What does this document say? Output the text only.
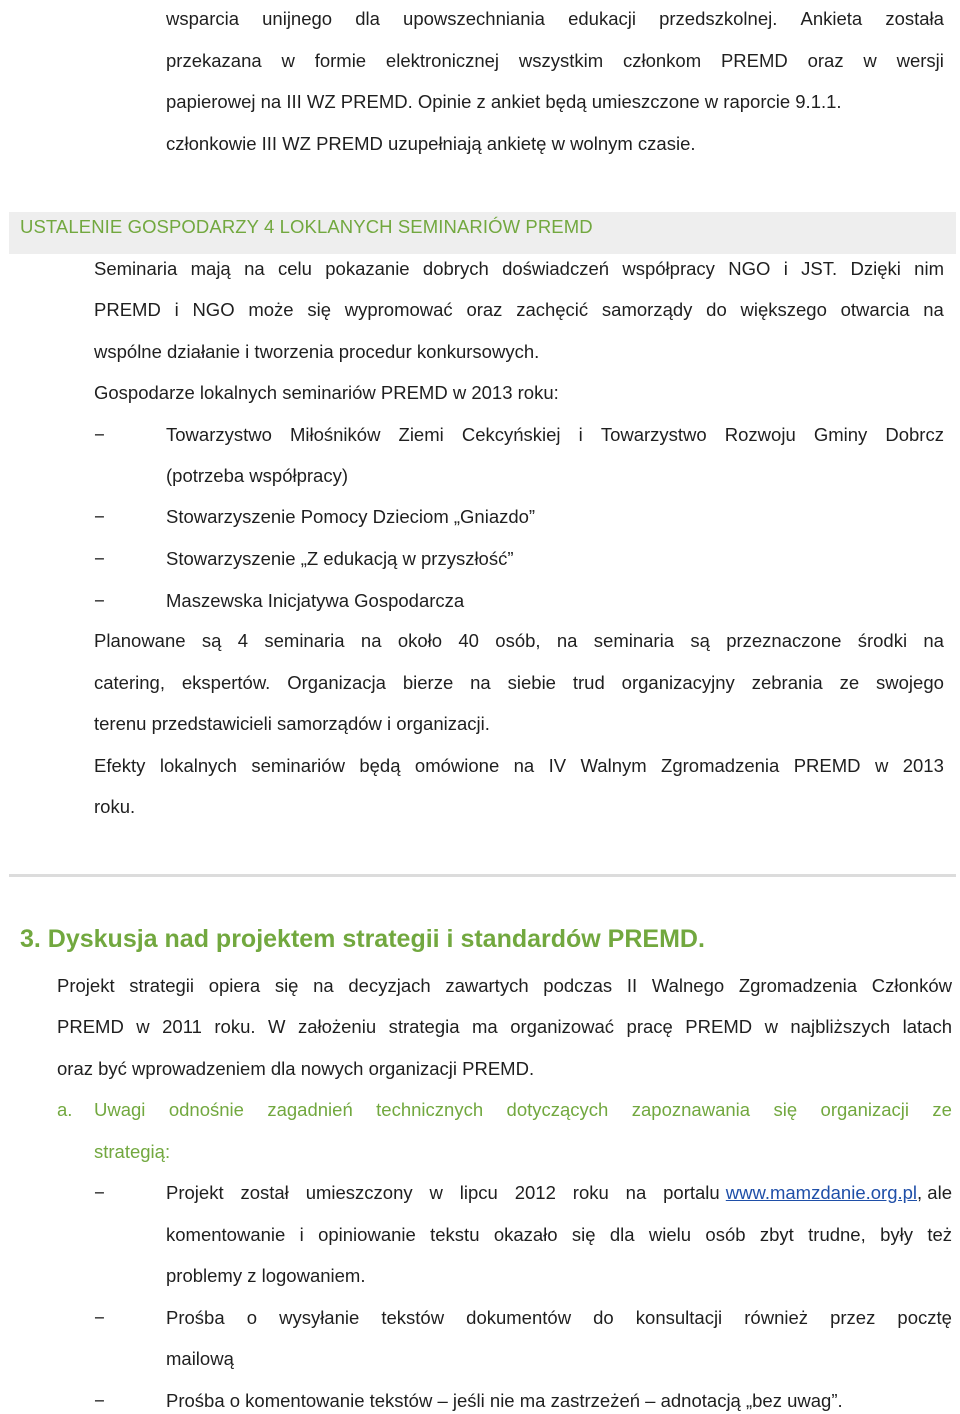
wsparcia unijnego dla upowszechniania edukacji przedszkolnej. Ankieta została
przekazana w formie elektronicznej wszystkim członkom PREMD oraz w wersji
papierowej na III WZ PREMD. Opinie z ankiet będą umieszczone w raporcie 9.1.1.
członkowie III WZ PREMD uzupełniają ankietę w wolnym czasie.
USTALENIE GOSPODARZY 4 LOKLANYCH SEMINARIÓW PREMD
Seminaria mają na celu pokazanie dobrych doświadczeń współpracy NGO i JST. Dzięki nim
PREMD i NGO może się wypromować oraz zachęcić samorządy do większego otwarcia na
wspólne działanie i tworzenia procedur konkursowych.
Gospodarze lokalnych seminariów PREMD w 2013 roku:
−	Towarzystwo Miłośników Ziemi Cekcyńskiej i Towarzystwo Rozwoju Gminy Dobrcz
(potrzeba współpracy)
−	Stowarzyszenie Pomocy Dzieciom „Gniazdo”
−	Stowarzyszenie „Z edukacją w przyszłość”
−	Maszewska Inicjatywa Gospodarcza
Planowane są 4 seminaria na około 40 osób, na seminaria są przeznaczone środki na
catering, ekspertów. Organizacja bierze na siebie trud organizacyjny zebrania ze swojego
terenu przedstawicieli samorządów i organizacji.
Efekty lokalnych seminariów będą omówione na IV Walnym Zgromadzenia PREMD w 2013
roku.
3. Dyskusja nad projektem strategii i standardów PREMD.
Projekt strategii opiera się na decyzjach zawartych podczas II Walnego Zgromadzenia Członków
PREMD w 2011 roku. W założeniu strategia ma organizować pracę PREMD w najbliższych latach
oraz być wprowadzeniem dla nowych organizacji PREMD.
a. Uwagi odnośnie zagadnień technicznych dotyczących zapoznawania się organizacji ze
strategią:
−	Projekt został umieszczony w lipcu 2012 roku na portalu www.mamzdanie.org.pl, ale
komentowanie i opiniowanie tekstu okazało się dla wielu osób zbyt trudne, były też
problemy z logowaniem.
−	Prośba o wysyłanie tekstów dokumentów do konsultacji również przez pocztę
mailową
−	Prośba o komentowanie tekstów – jeśli nie ma zastrzeżeń – adnotacją „bez uwag”.
